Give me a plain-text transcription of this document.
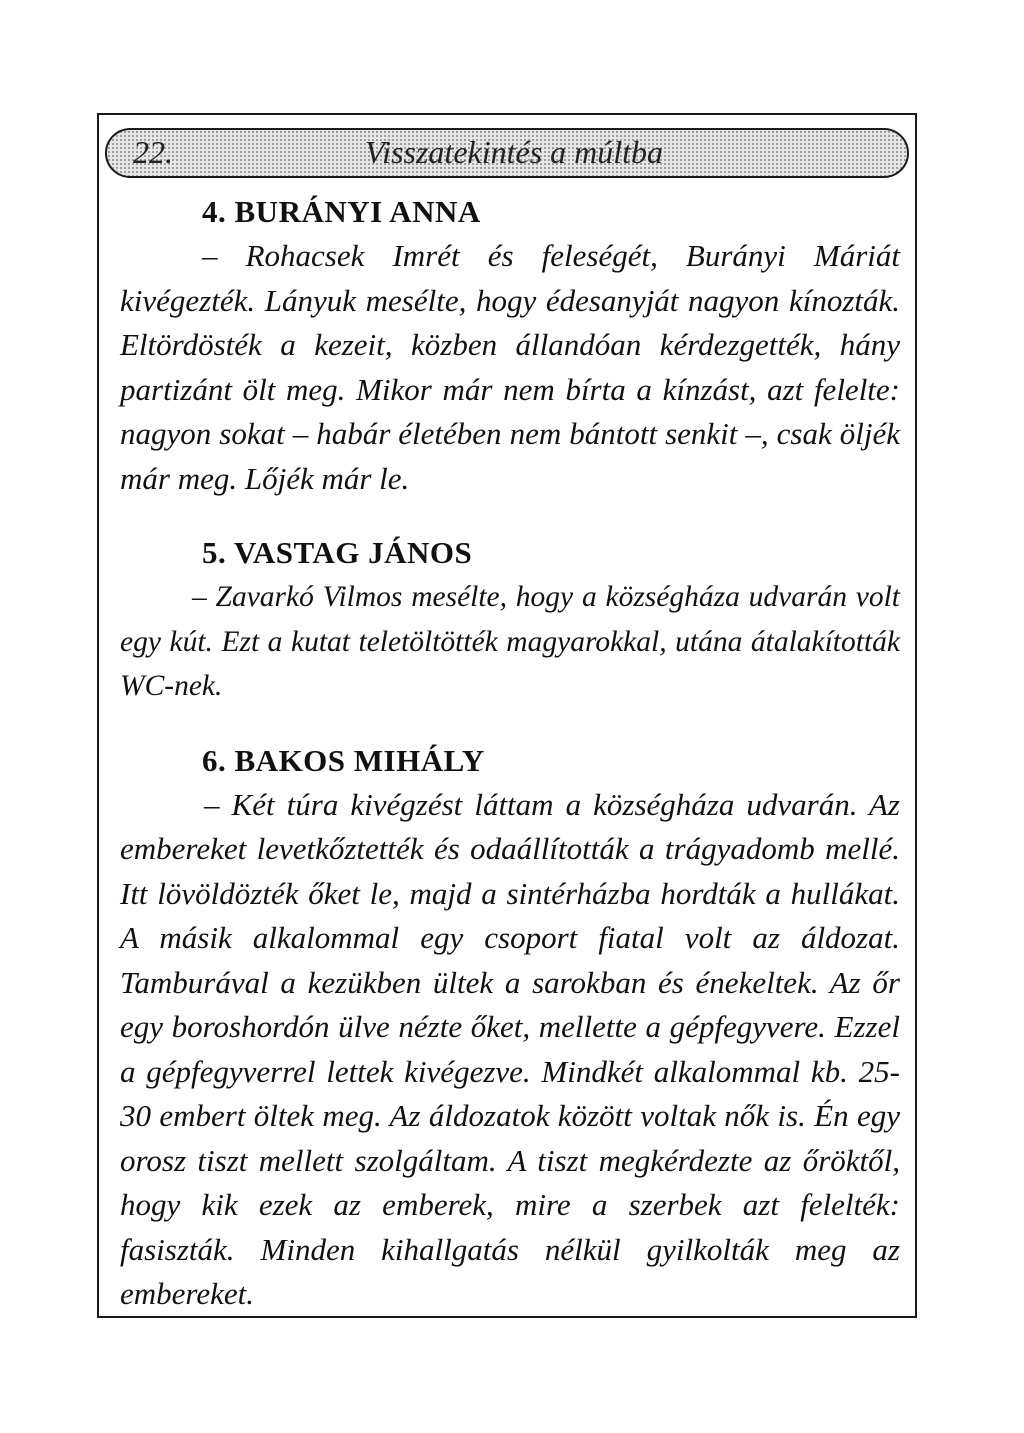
22.	Visszatekintés a múltba
4. BURÁNYI ANNA

– Rohacsek Imrét és feleségét, Burányi Máriát kivégezték. Lányuk mesélte, hogy édesanyját nagyon kínozták. Eltördösték a kezeit, közben állandóan kérdezgették, hány partizánt ölt meg. Mikor már nem bírta a kínzást, azt felelte: nagyon sokat – habár életében nem bántott senkit –, csak öljék már meg. Lőjék már le.

5. VASTAG JÁNOS

– Zavarkó Vilmos mesélte, hogy a községháza udvarán volt egy kút. Ezt a kutat teletöltötték magyarokkal, utána átalakították WC-nek.

6. BAKOS MIHÁLY

– Két túra kivégzést láttam a községháza udvarán. Az embereket levetkőztették és odaállították a trágyadomb mellé. Itt lövöldözték őket le, majd a sintérházba hordták a hullákat. A másik alkalommal egy csoport fiatal volt az áldozat. Tamburával a kezükben ültek a sarokban és énekeltek. Az őr egy boroshordón ülve nézte őket, mellette a gépfegyvere. Ezzel a gépfegyverrel lettek kivégezve. Mindkét alkalommal kb. 25-30 embert öltek meg. Az áldozatok között voltak nők is. Én egy orosz tiszt mellett szolgáltam. A tiszt megkérdezte az őröktől, hogy kik ezek az emberek, mire a szerbek azt felelték: fasiszták. Minden kihallgatás nélkül gyilkolták meg az embereket.
